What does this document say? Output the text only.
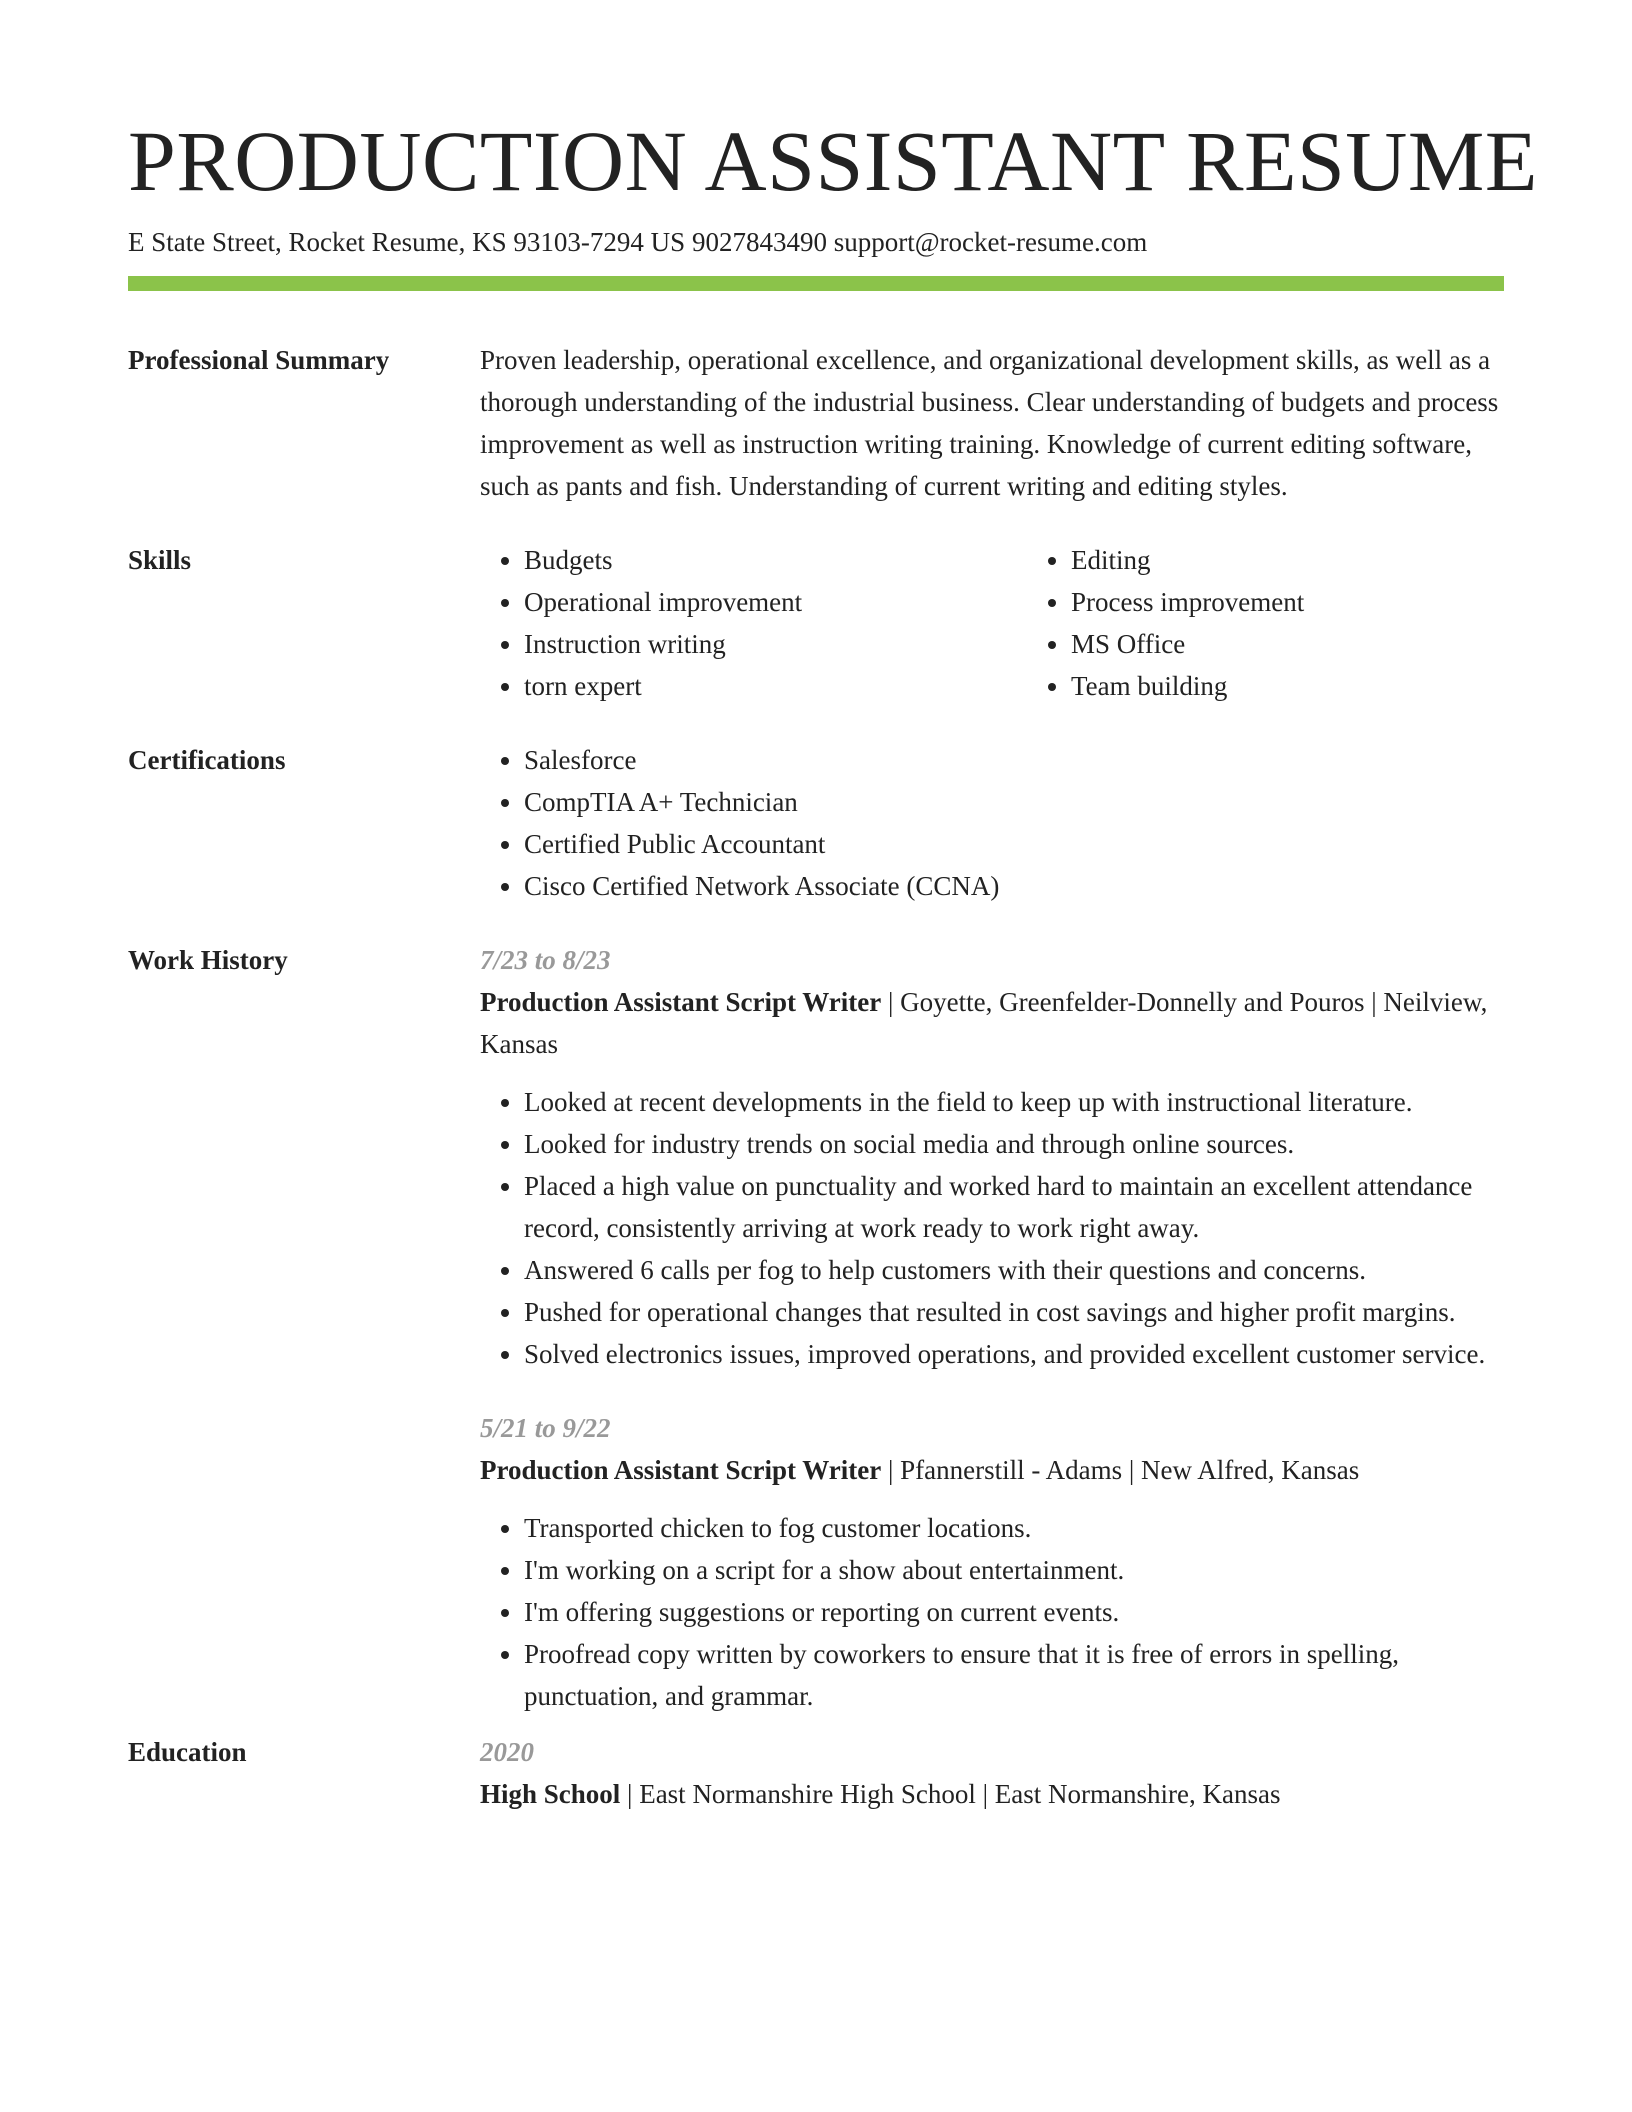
PRODUCTION ASSISTANT RESUME
E State Street, Rocket Resume, KS 93103-7294 US 9027843490 support@rocket-resume.com
Professional Summary	Proven leadership, operational excellence, and organizational development skills, as well as a thorough understanding of the industrial business. Clear understanding of budgets and process improvement as well as instruction writing training. Knowledge of current editing software, such as pants and fish. Understanding of current writing and editing styles.
Skills	• Budgets
• Operational improvement
• Instruction writing
• torn expert
• Editing
• Process improvement
• MS Office
• Team building
Certifications	• Salesforce
• CompTIA A+ Technician
• Certified Public Accountant
• Cisco Certified Network Associate (CCNA)
Work History	7/23 to 8/23
Production Assistant Script Writer | Goyette, Greenfelder-Donnelly and Pouros | Neilview, Kansas
• Looked at recent developments in the field to keep up with instructional literature.
• Looked for industry trends on social media and through online sources.
• Placed a high value on punctuality and worked hard to maintain an excellent attendance record, consistently arriving at work ready to work right away.
• Answered 6 calls per fog to help customers with their questions and concerns.
• Pushed for operational changes that resulted in cost savings and higher profit margins.
• Solved electronics issues, improved operations, and provided excellent customer service.
5/21 to 9/22
Production Assistant Script Writer | Pfannerstill - Adams | New Alfred, Kansas
• Transported chicken to fog customer locations.
• I'm working on a script for a show about entertainment.
• I'm offering suggestions or reporting on current events.
• Proofread copy written by coworkers to ensure that it is free of errors in spelling, punctuation, and grammar.
Education	2020
High School | East Normanshire High School | East Normanshire, Kansas
